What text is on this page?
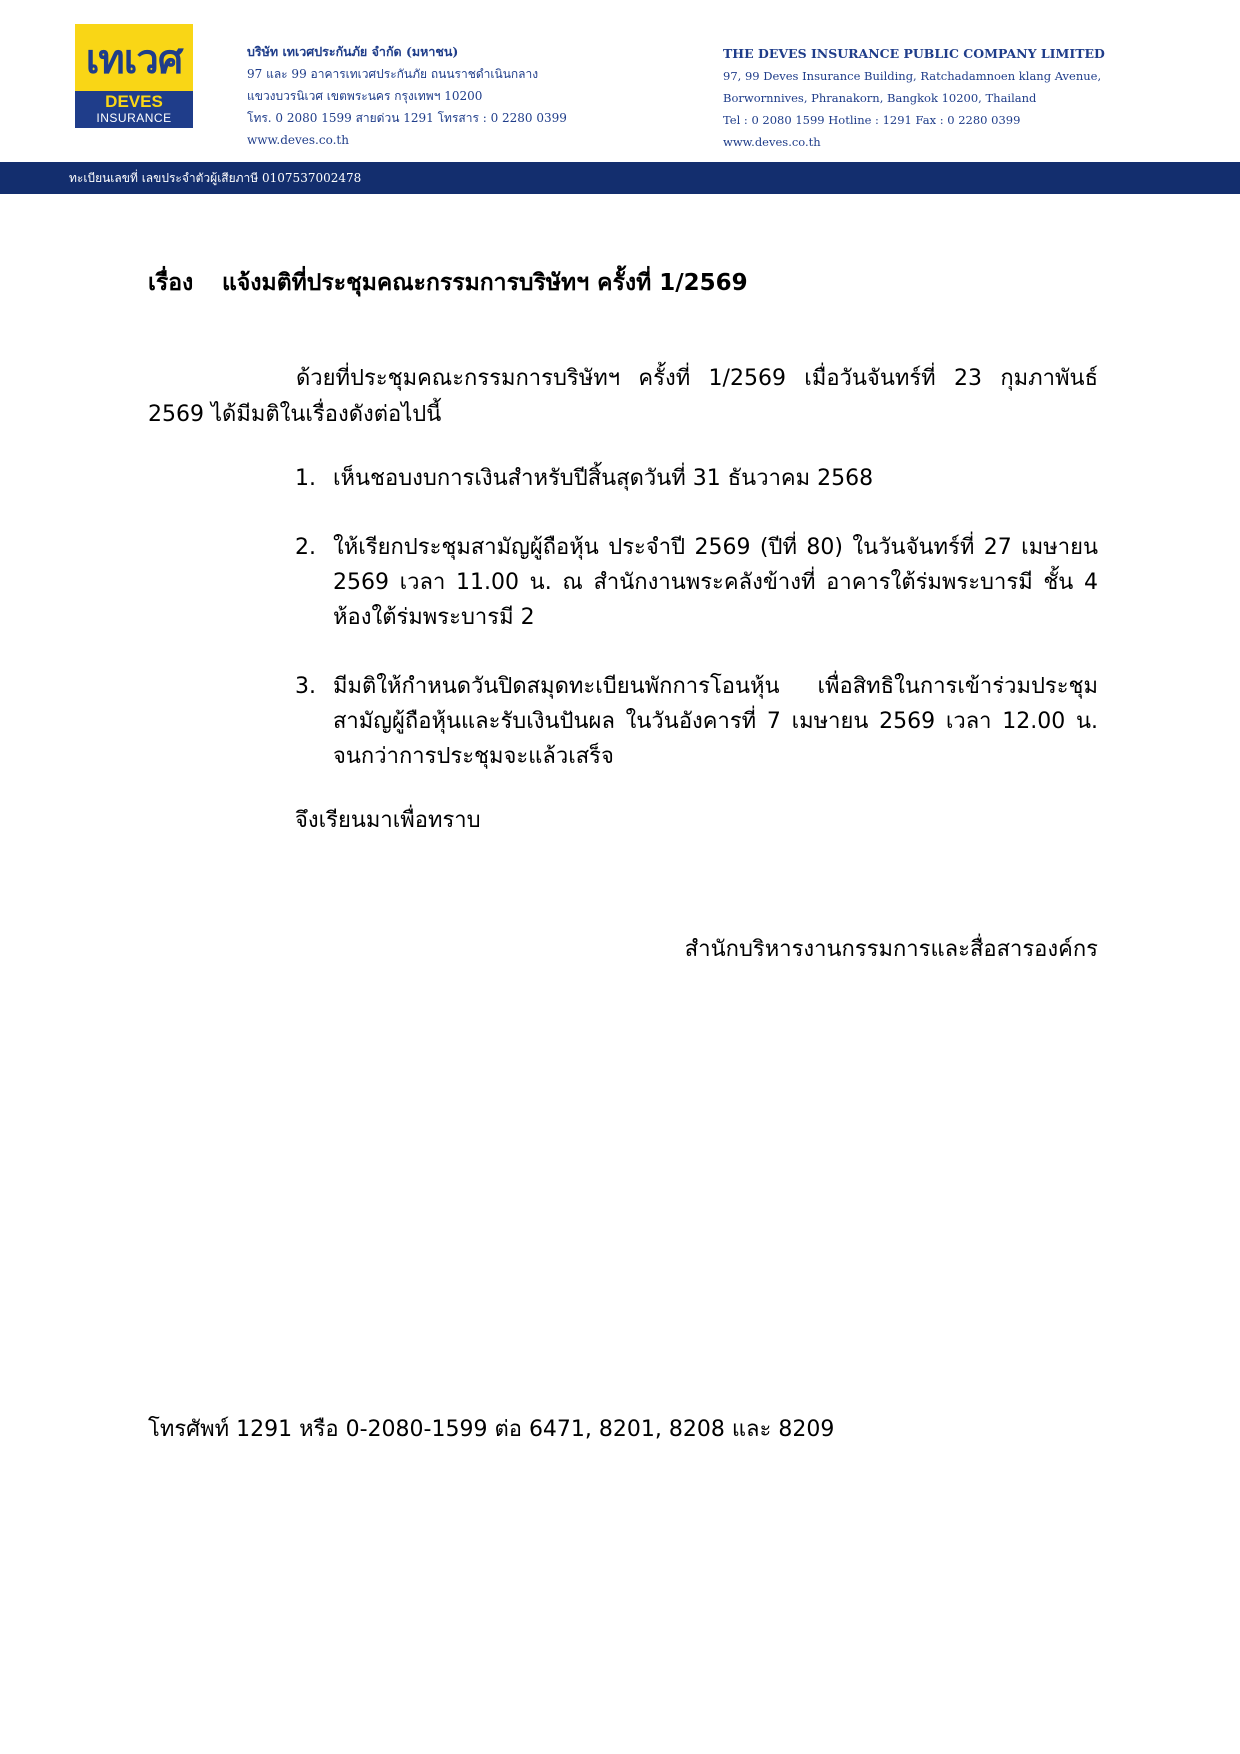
เทเวศ
DEVES
INSURANCE
บริษัท เทเวศประกันภัย จำกัด (มหาชน)
97 และ 99 อาคารเทเวศประกันภัย ถนนราชดำเนินกลาง
แขวงบวรนิเวศ เขตพระนคร กรุงเทพฯ 10200
โทร. 0 2080 1599 สายด่วน 1291 โทรสาร : 0 2280 0399
www.deves.co.th
THE DEVES INSURANCE PUBLIC COMPANY LIMITED
97, 99 Deves Insurance Building, Ratchadamnoen klang Avenue,
Borwornnives, Phranakorn, Bangkok 10200, Thailand
Tel : 0 2080 1599 Hotline : 1291 Fax : 0 2280 0399
www.deves.co.th
ทะเบียนเลขที่ เลขประจำตัวผู้เสียภาษี 0107537002478
เรื่อง แจ้งมติที่ประชุมคณะกรรมการบริษัทฯ ครั้งที่ 1/2569
ด้วยที่ประชุมคณะกรรมการบริษัทฯ ครั้งที่ 1/2569 เมื่อวันจันทร์ที่ 23 กุมภาพันธ์ 2569 ได้มีมติในเรื่องดังต่อไปนี้
1. เห็นชอบงบการเงินสำหรับปีสิ้นสุดวันที่ 31 ธันวาคม 2568
2. ให้เรียกประชุมสามัญผู้ถือหุ้น ประจำปี 2569 (ปีที่ 80) ในวันจันทร์ที่ 27 เมษายน 2569 เวลา 11.00 น. ณ สำนักงานพระคลังข้างที่ อาคารใต้ร่มพระบารมี ชั้น 4 ห้องใต้ร่มพระบารมี 2
3. มีมติให้กำหนดวันปิดสมุดทะเบียนพักการโอนหุ้น เพื่อสิทธิในการเข้าร่วมประชุมสามัญผู้ถือหุ้นและรับเงินปันผล ในวันอังคารที่ 7 เมษายน 2569 เวลา 12.00 น. จนกว่าการประชุมจะแล้วเสร็จ
จึงเรียนมาเพื่อทราบ
สำนักบริหารงานกรรมการและสื่อสารองค์กร
โทรศัพท์ 1291 หรือ 0-2080-1599 ต่อ 6471, 8201, 8208 และ 8209
